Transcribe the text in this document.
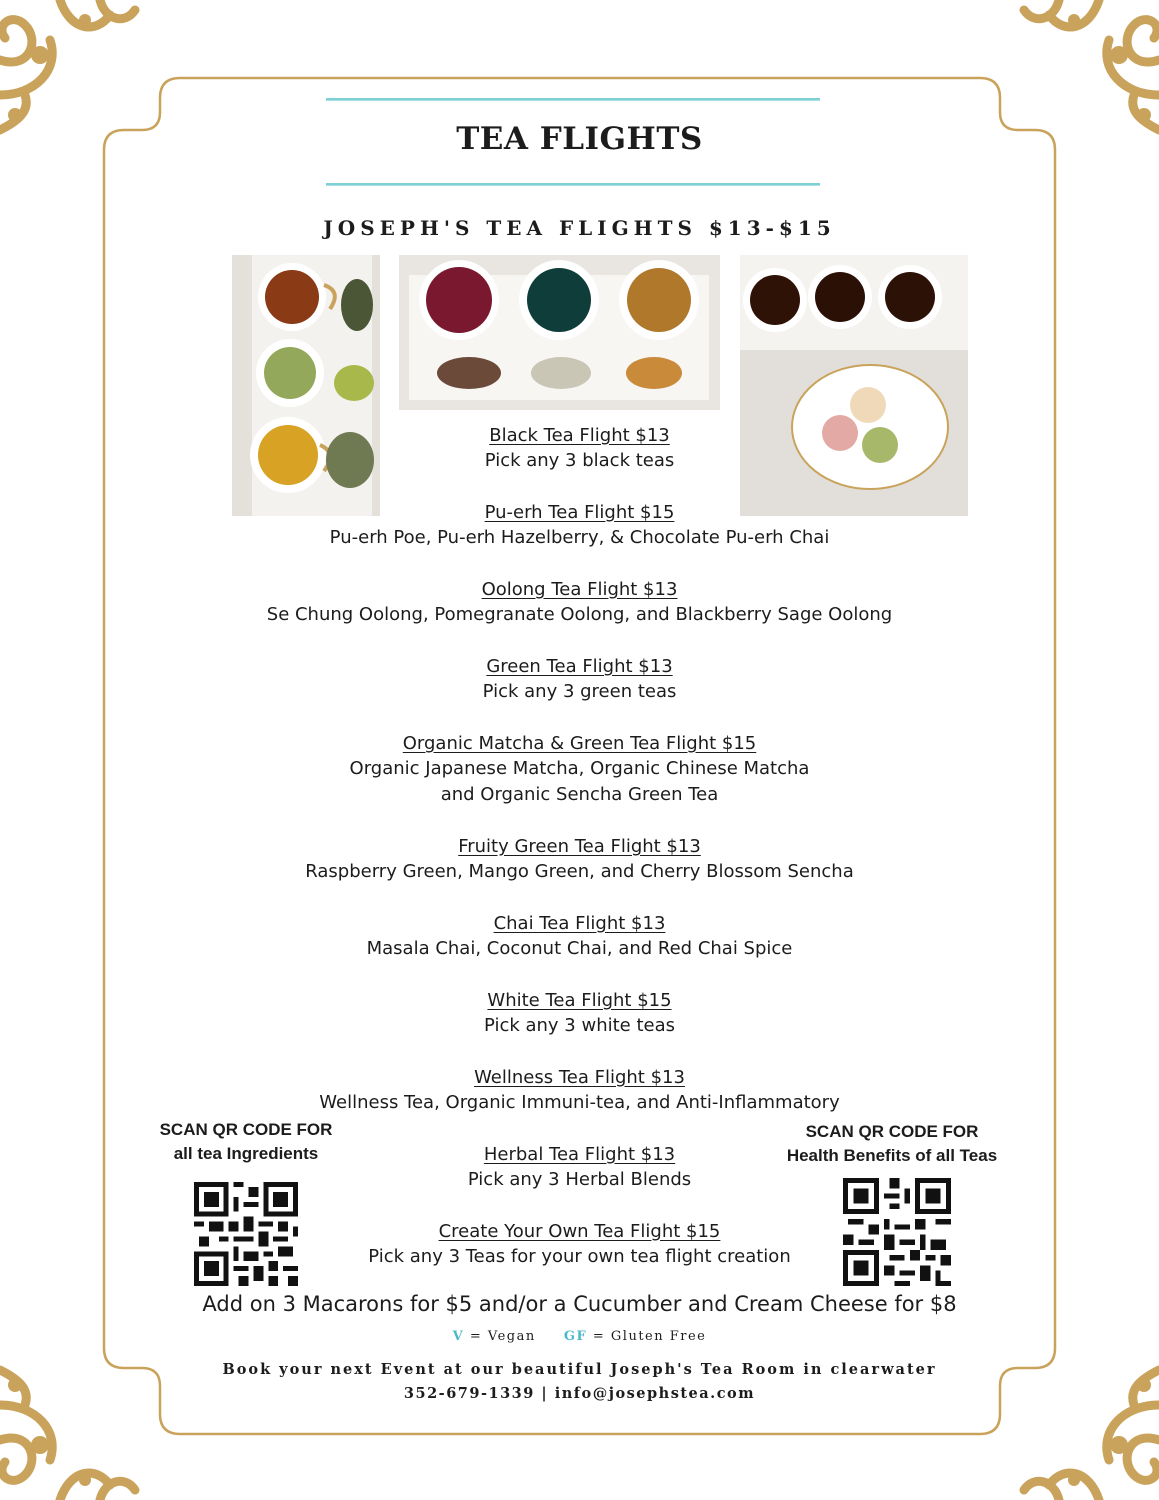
TEA FLIGHTS
JOSEPH'S TEA FLIGHTS $13-$15
Black Tea Flight $13
Pick any 3 black teas
Pu-erh Tea Flight $15
Pu-erh Poe, Pu-erh Hazelberry, & Chocolate Pu-erh Chai
Oolong Tea Flight $13
Se Chung Oolong, Pomegranate Oolong, and Blackberry Sage Oolong
Green Tea Flight $13
Pick any 3 green teas
Organic Matcha & Green Tea Flight $15
Organic Japanese Matcha, Organic Chinese Matcha
and Organic Sencha Green Tea
Fruity Green Tea Flight $13
Raspberry Green, Mango Green, and Cherry Blossom Sencha
Chai Tea Flight $13
Masala Chai, Coconut Chai, and Red Chai Spice
White Tea Flight $15
Pick any 3 white teas
Wellness Tea Flight $13
Wellness Tea, Organic Immuni-tea, and Anti-Inflammatory
Herbal Tea Flight $13
Pick any 3 Herbal Blends
Create Your Own Tea Flight $15
Pick any 3 Teas for your own tea flight creation
SCAN QR CODE FOR
all tea Ingredients
SCAN QR CODE FOR
Health Benefits of all Teas
Add on 3 Macarons for $5 and/or a Cucumber and Cream Cheese for $8
V = Vegan GF = Gluten Free
Book your next Event at our beautiful Joseph's Tea Room in clearwater
352-679-1339 | info@josephstea.com
